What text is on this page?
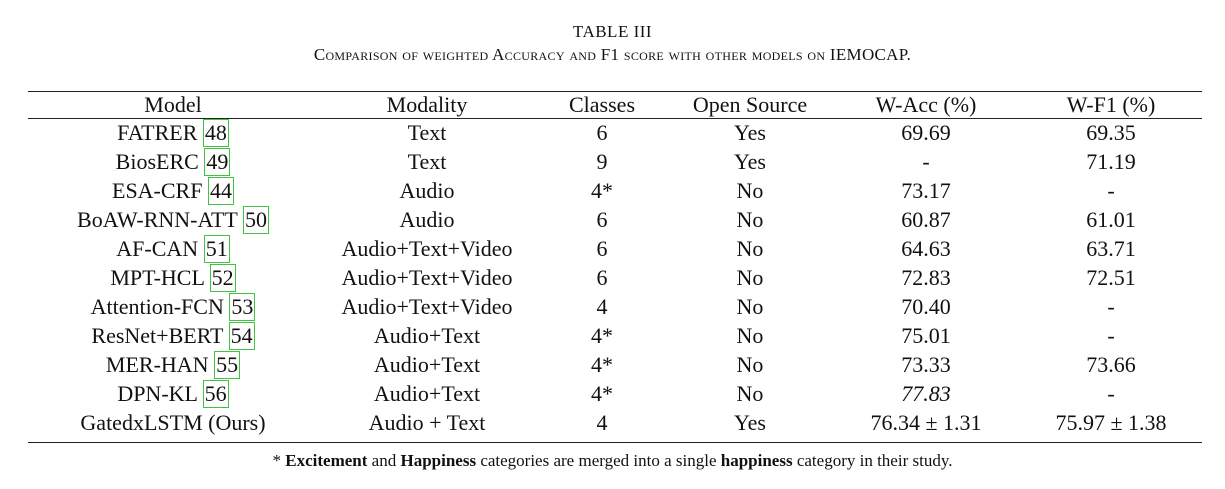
TABLE III
Comparison of weighted Accuracy and F1 score with other models on IEMOCAP.
Model	Modality	Classes	Open Source	W-Acc (%)	W-F1 (%)
FATRER 48	Text	6	Yes	69.69	69.35
BiosERC 49	Text	9	Yes	-	71.19
ESA-CRF 44	Audio	4*	No	73.17	-
BoAW-RNN-ATT 50	Audio	6	No	60.87	61.01
AF-CAN 51	Audio+Text+Video	6	No	64.63	63.71
MPT-HCL 52	Audio+Text+Video	6	No	72.83	72.51
Attention-FCN 53	Audio+Text+Video	4	No	70.40	-
ResNet+BERT 54	Audio+Text	4*	No	75.01	-
MER-HAN 55	Audio+Text	4*	No	73.33	73.66
DPN-KL 56	Audio+Text	4*	No	77.83	-
GatedxLSTM (Ours)	Audio + Text	4	Yes	76.34 ± 1.31	75.97 ± 1.38
* Excitement and Happiness categories are merged into a single happiness category in their study.
